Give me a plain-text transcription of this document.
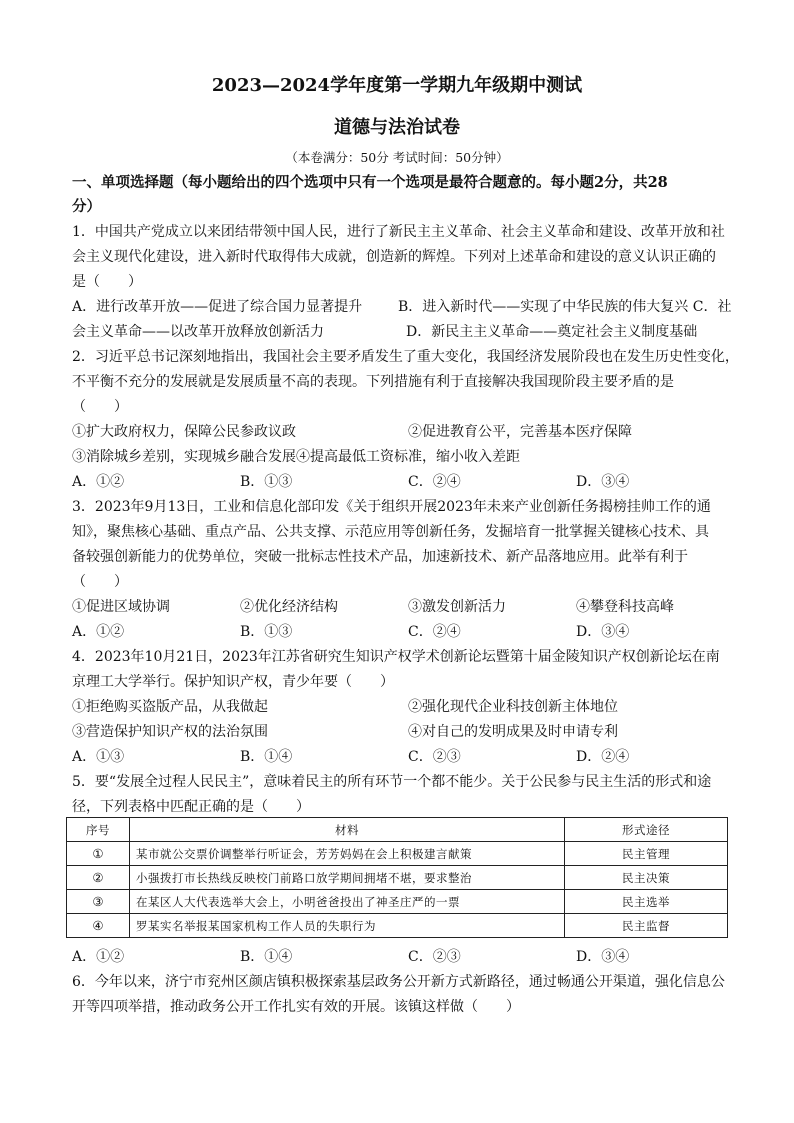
2023—2024学年度第一学期九年级期中测试
道德与法治试卷
（本卷满分：50分 考试时间：50分钟）
一、单项选择题（每小题给出的四个选项中只有一个选项是最符合题意的。每小题2分，共28
分）
1．中国共产党成立以来团结带领中国人民，进行了新民主主义革命、社会主义革命和建设、改革开放和社
会主义现代化建设，进入新时代取得伟大成就，创造新的辉煌。下列对上述革命和建设的意义认识正确的
是（　　）
A．进行改革开放——促进了综合国力显著提升	B．进入新时代——实现了中华民族的伟大复兴 C．社
会主义革命——以改革开放释放创新活力	D．新民主主义革命——奠定社会主义制度基础
2．习近平总书记深刻地指出，我国社会主要矛盾发生了重大变化，我国经济发展阶段也在发生历史性变化，
不平衡不充分的发展就是发展质量不高的表现。下列措施有利于直接解决我国现阶段主要矛盾的是
（　　）
①扩大政府权力，保障公民参政议政	②促进教育公平，完善基本医疗保障
③消除城乡差别，实现城乡融合发展④提高最低工资标准，缩小收入差距
A．①②	B．①③	C．②④	D．③④
3．2023年9月13日，工业和信息化部印发《关于组织开展2023年未来产业创新任务揭榜挂帅工作的通
知》，聚焦核心基础、重点产品、公共支撑、示范应用等创新任务，发掘培育一批掌握关键核心技术、具
备较强创新能力的优势单位，突破一批标志性技术产品，加速新技术、新产品落地应用。此举有利于
（　　）
①促进区域协调	②优化经济结构	③激发创新活力	④攀登科技高峰
A．①②	B．①③	C．②④	D．③④
4．2023年10月21日，2023年江苏省研究生知识产权学术创新论坛暨第十届金陵知识产权创新论坛在南
京理工大学举行。保护知识产权，青少年要（　　）
①拒绝购买盗版产品，从我做起	②强化现代企业科技创新主体地位
③营造保护知识产权的法治氛围	④对自己的发明成果及时申请专利
A．①③	B．①④	C．②③	D．②④
5．要“发展全过程人民民主”，意味着民主的所有环节一个都不能少。关于公民参与民主生活的形式和途
径，下列表格中匹配正确的是（　　）
序号	材料	形式途径
①	某市就公交票价调整举行听证会，芳芳妈妈在会上积极建言献策	民主管理
②	小强拨打市长热线反映校门前路口放学期间拥堵不堪，要求整治	民主决策
③	在某区人大代表选举大会上，小明爸爸投出了神圣庄严的一票	民主选举
④	罗某实名举报某国家机构工作人员的失职行为	民主监督
A．①②	B．①④	C．②③	D．③④
6．今年以来，济宁市兖州区颜店镇积极探索基层政务公开新方式新路径，通过畅通公开渠道，强化信息公
开等四项举措，推动政务公开工作扎实有效的开展。该镇这样做（　　）
